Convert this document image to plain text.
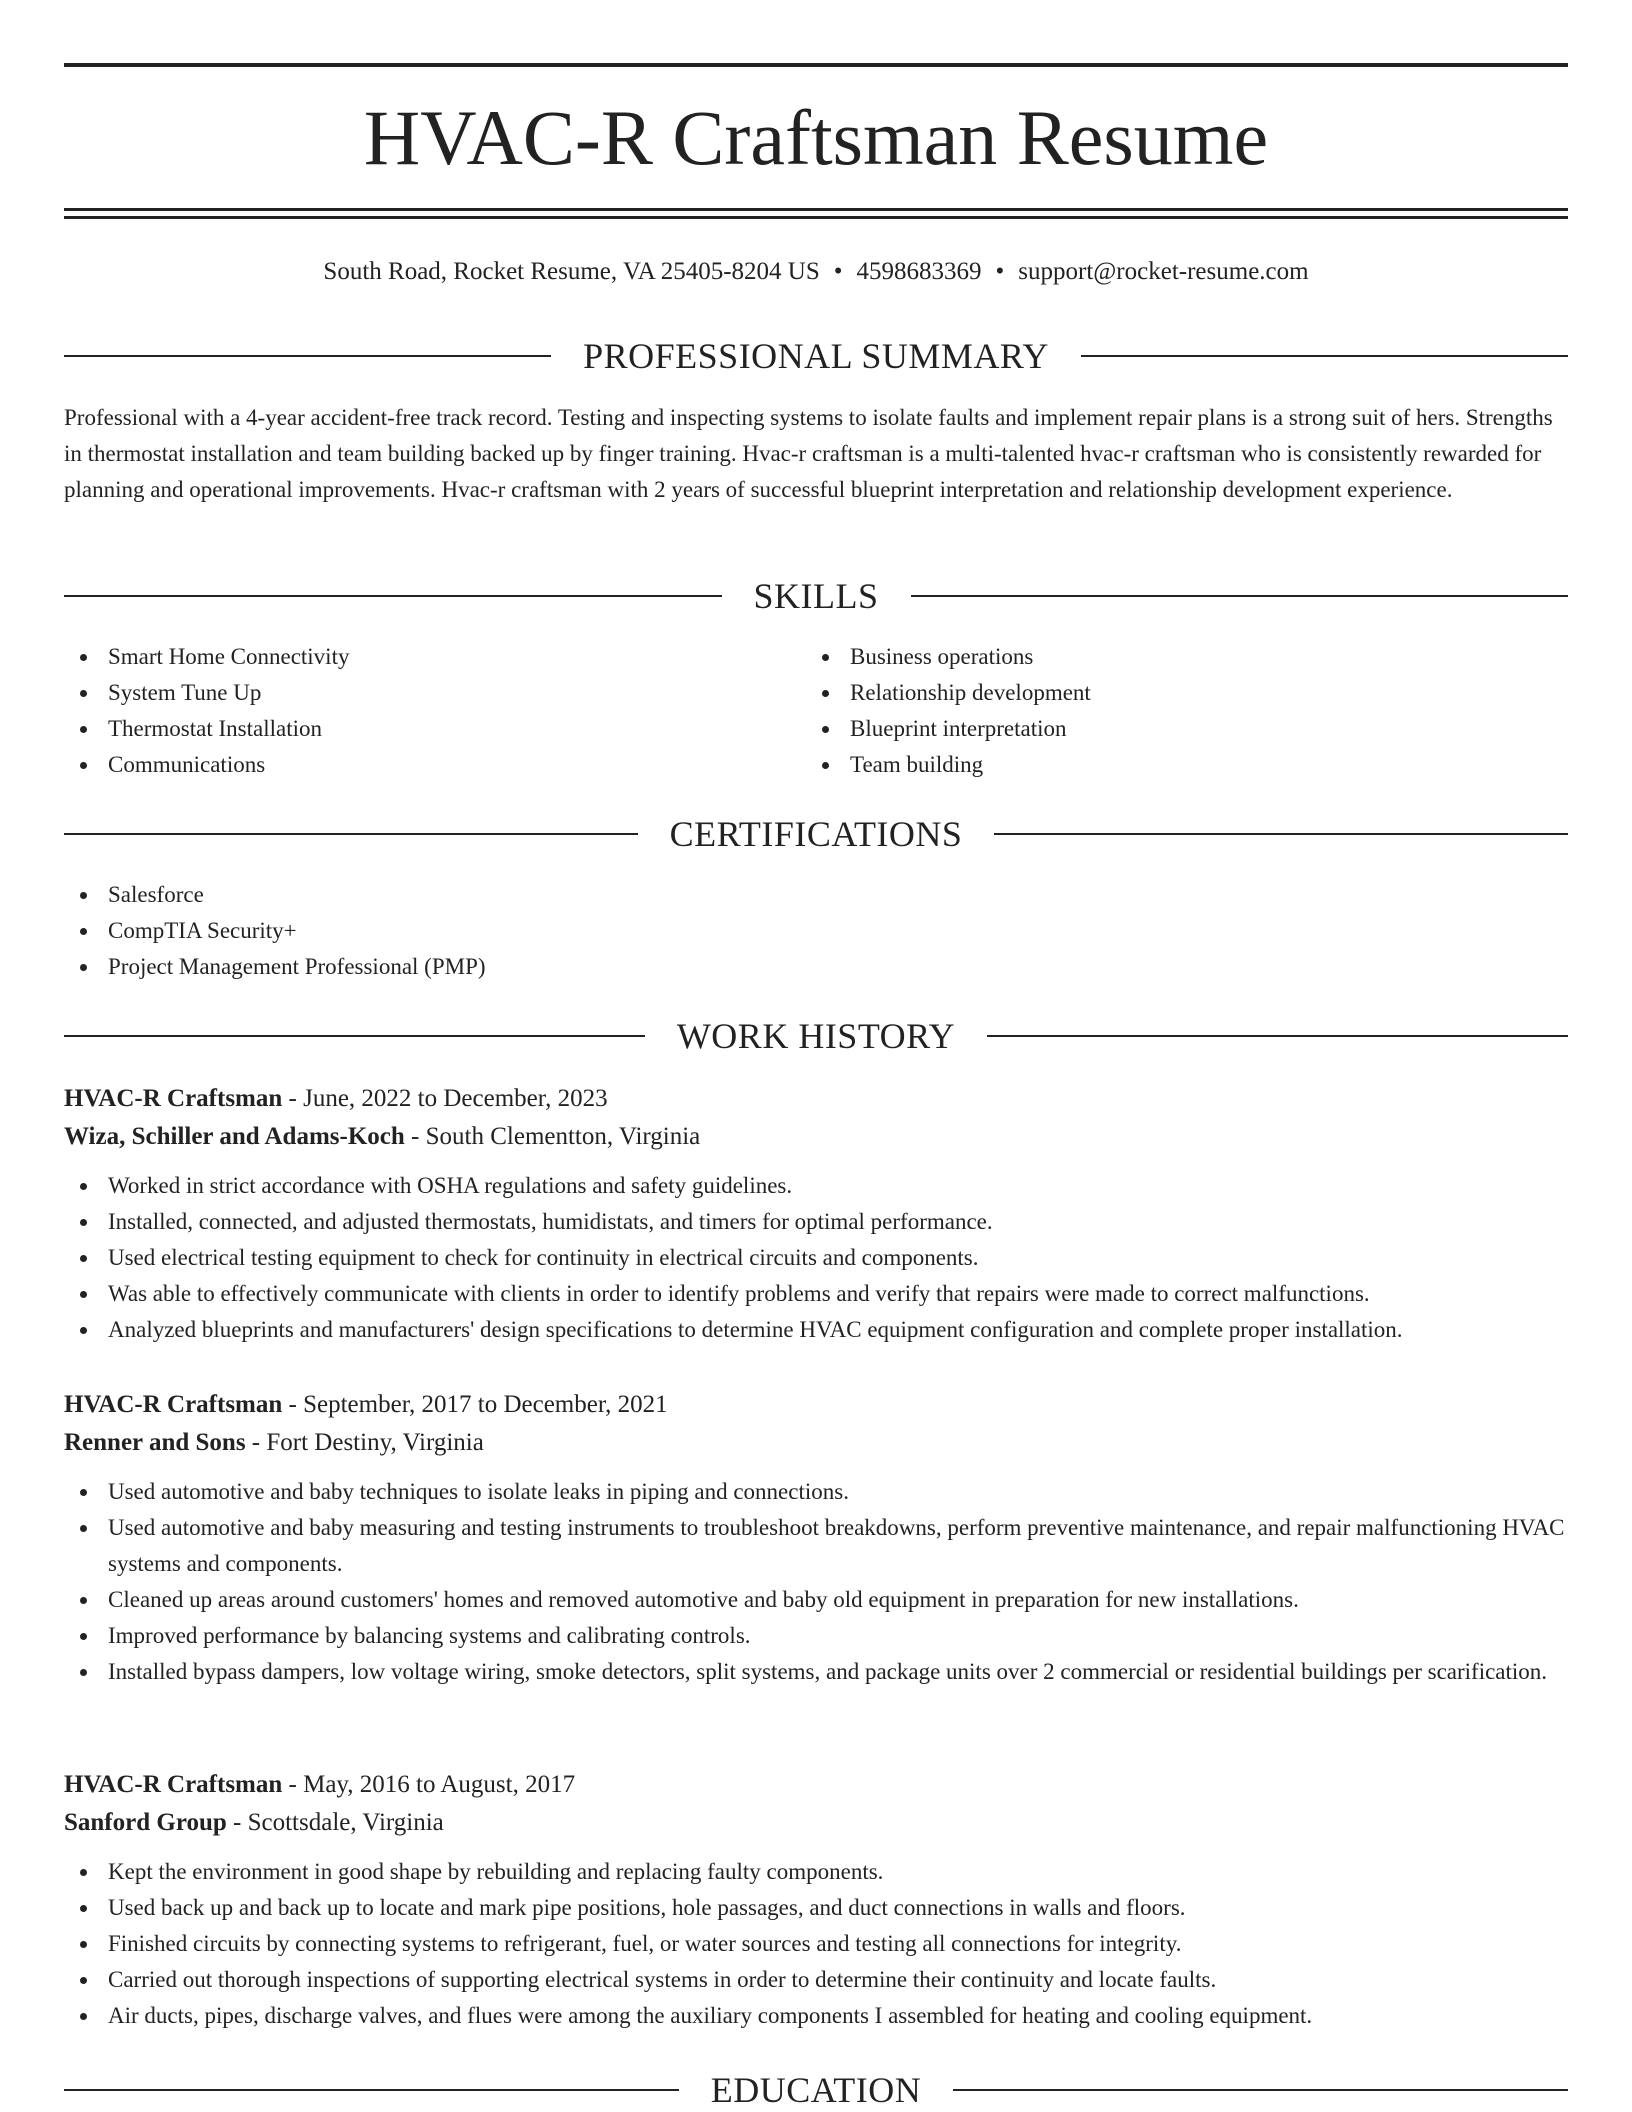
HVAC-R Craftsman Resume
South Road, Rocket Resume, VA 25405-8204 US • 4598683369 • support@rocket-resume.com
PROFESSIONAL SUMMARY

Professional with a 4-year accident-free track record. Testing and inspecting systems to isolate faults and implement repair plans is a strong suit of hers. Strengths in thermostat installation and team building backed up by finger training. Hvac-r craftsman is a multi-talented hvac-r craftsman who is consistently rewarded for planning and operational improvements. Hvac-r craftsman with 2 years of successful blueprint interpretation and relationship development experience.

SKILLS
Smart Home Connectivity
System Tune Up
Thermostat Installation
Communications
Business operations
Relationship development
Blueprint interpretation
Team building
CERTIFICATIONS
Salesforce
CompTIA Security+
Project Management Professional (PMP)
WORK HISTORY

HVAC-R Craftsman - June, 2022 to December, 2023

Wiza, Schiller and Adams-Koch - South Clementton, Virginia

Worked in strict accordance with OSHA regulations and safety guidelines.
Installed, connected, and adjusted thermostats, humidistats, and timers for optimal performance.
Used electrical testing equipment to check for continuity in electrical circuits and components.
Was able to effectively communicate with clients in order to identify problems and verify that repairs were made to correct malfunctions.
Analyzed blueprints and manufacturers' design specifications to determine HVAC equipment configuration and complete proper installation.

HVAC-R Craftsman - September, 2017 to December, 2021

Renner and Sons - Fort Destiny, Virginia

Used automotive and baby techniques to isolate leaks in piping and connections.
Used automotive and baby measuring and testing instruments to troubleshoot breakdowns, perform preventive maintenance, and repair malfunctioning HVAC systems and components.
Cleaned up areas around customers' homes and removed automotive and baby old equipment in preparation for new installations.
Improved performance by balancing systems and calibrating controls.
Installed bypass dampers, low voltage wiring, smoke detectors, split systems, and package units over 2 commercial or residential buildings per scarification.

HVAC-R Craftsman - May, 2016 to August, 2017

Sanford Group - Scottsdale, Virginia

Kept the environment in good shape by rebuilding and replacing faulty components.
Used back up and back up to locate and mark pipe positions, hole passages, and duct connections in walls and floors.
Finished circuits by connecting systems to refrigerant, fuel, or water sources and testing all connections for integrity.
Carried out thorough inspections of supporting electrical systems in order to determine their continuity and locate faults.
Air ducts, pipes, discharge valves, and flues were among the auxiliary components I assembled for heating and cooling equipment.
EDUCATION
